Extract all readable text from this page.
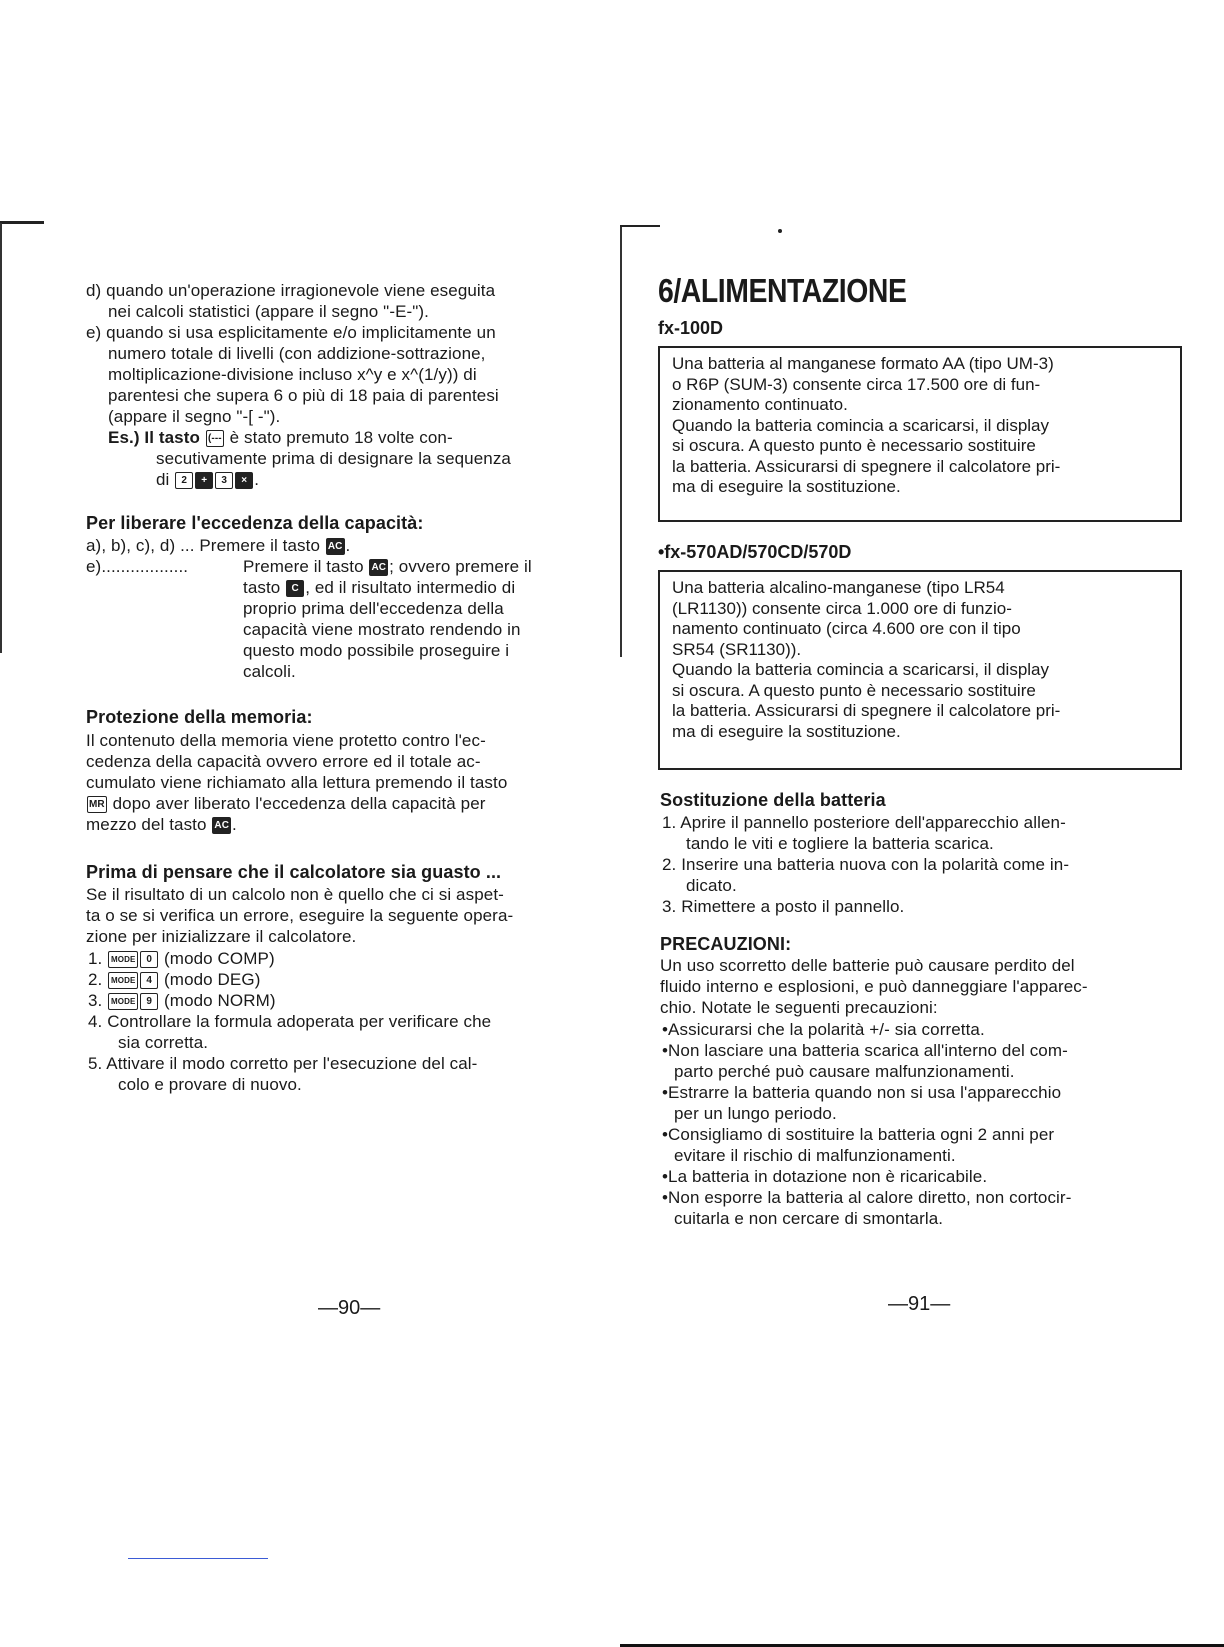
d) quando un'operazione irragionevole viene eseguita
nei calcoli statistici (appare il segno "-E-").
e) quando si usa esplicitamente e/o implicitamente un
numero totale di livelli (con addizione-sottrazione,
moltiplicazione-divisione incluso x^y e x^(1/y)) di
parentesi che supera 6 o più di 18 paia di parentesi
(appare il segno "-[ -").
Es.) Il tasto (--- è stato premuto 18 volte con-
secutivamente prima di designare la sequenza
di 2 + 3 × .
Per liberare l'eccedenza della capacità:
a), b), c), d) ... Premere il tasto AC .
e)..................	Premere il tasto AC ; ovvero premere il
tasto C , ed il risultato intermedio di
proprio prima dell'eccedenza della
capacità viene mostrato rendendo in
questo modo possibile proseguire i
calcoli.
Protezione della memoria:
Il contenuto della memoria viene protetto contro l'ec-
cedenza della capacità ovvero errore ed il totale ac-
cumulato viene richiamato alla lettura premendo il tasto
MR dopo aver liberato l'eccedenza della capacità per
mezzo del tasto AC .
Prima di pensare che il calcolatore sia guasto ...
Se il risultato di un calcolo non è quello che ci si aspet-
ta o se si verifica un errore, eseguire la seguente opera-
zione per inizializzare il calcolatore.
1. MODE 0 (modo COMP)
2. MODE 4 (modo DEG)
3. MODE 9 (modo NORM)
4. Controllare la formula adoperata per verificare che
sia corretta.
5. Attivare il modo corretto per l'esecuzione del cal-
colo e provare di nuovo.
—90—
6/ALIMENTAZIONE
fx-100D
Una batteria al manganese formato AA (tipo UM-3)
o R6P (SUM-3) consente circa 17.500 ore di fun-
zionamento continuato.
Quando la batteria comincia a scaricarsi, il display
si oscura. A questo punto è necessario sostituire
la batteria. Assicurarsi di spegnere il calcolatore pri-
ma di eseguire la sostituzione.
•fx-570AD/570CD/570D
Una batteria alcalino-manganese (tipo LR54
(LR1130)) consente circa 1.000 ore di funzio-
namento continuato (circa 4.600 ore con il tipo
SR54 (SR1130)).
Quando la batteria comincia a scaricarsi, il display
si oscura. A questo punto è necessario sostituire
la batteria. Assicurarsi di spegnere il calcolatore pri-
ma di eseguire la sostituzione.
Sostituzione della batteria
1. Aprire il pannello posteriore dell'apparecchio allen-
tando le viti e togliere la batteria scarica.
2. Inserire una batteria nuova con la polarità come in-
dicato.
3. Rimettere a posto il pannello.
PRECAUZIONI:
Un uso scorretto delle batterie può causare perdito del
fluido interno e esplosioni, e può danneggiare l'apparec-
chio. Notate le seguenti precauzioni:
•Assicurarsi che la polarità +/- sia corretta.
•Non lasciare una batteria scarica all'interno del com-
parto perché può causare malfunzionamenti.
•Estrarre la batteria quando non si usa l'apparecchio
per un lungo periodo.
•Consigliamo di sostituire la batteria ogni 2 anni per
evitare il rischio di malfunzionamenti.
•La batteria in dotazione non è ricaricabile.
•Non esporre la batteria al calore diretto, non cortocir-
cuitarla e non cercare di smontarla.
—91—
